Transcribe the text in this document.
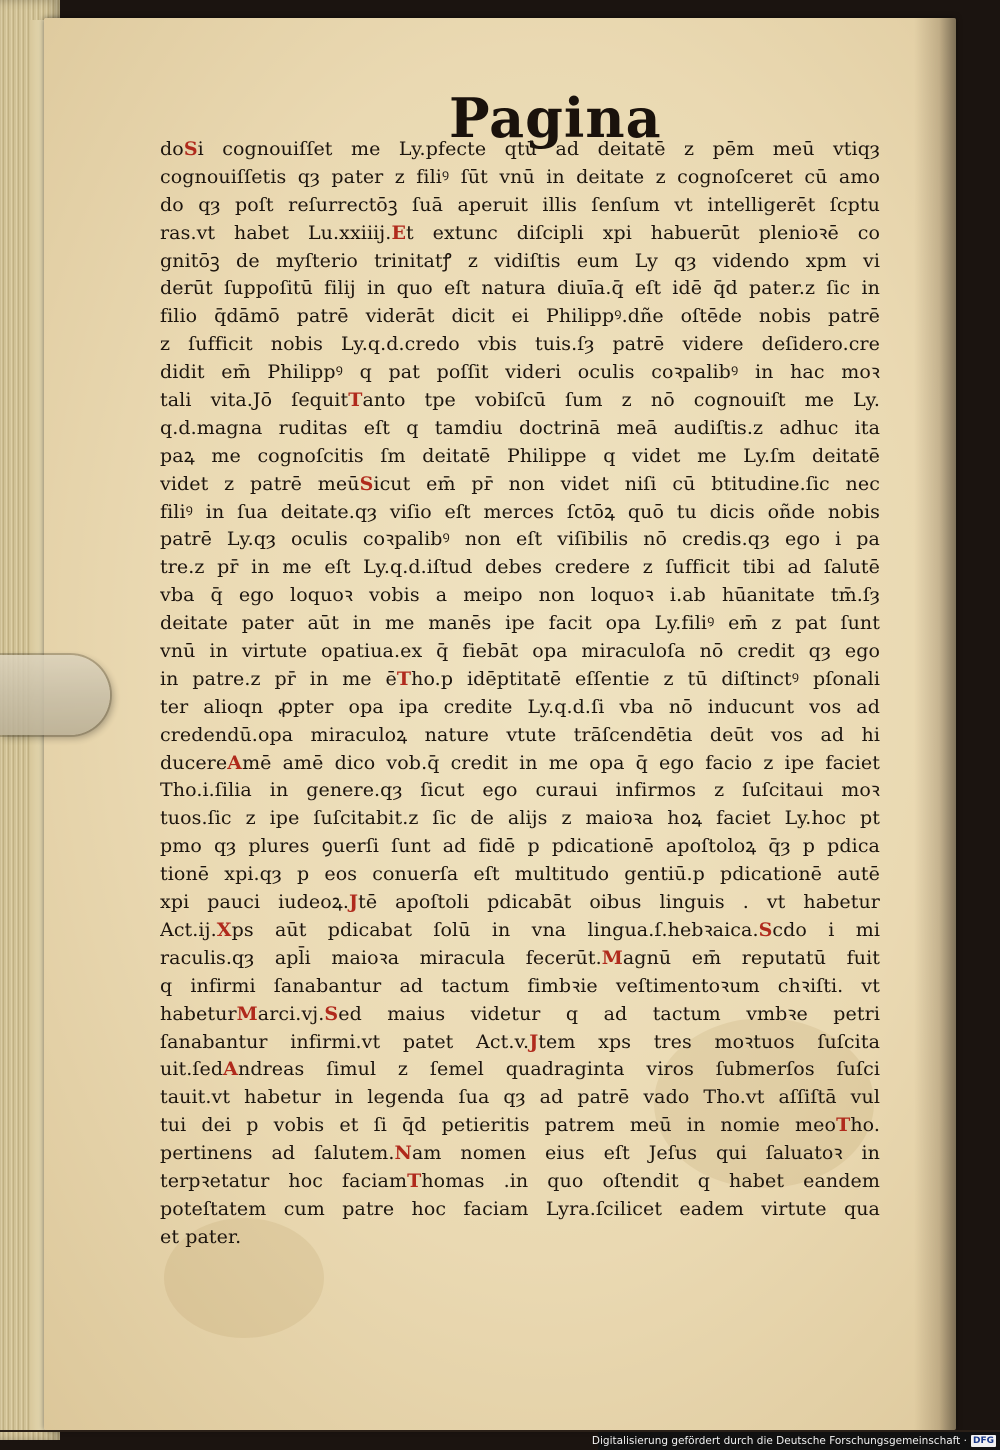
Pagina
doSi cognouiſſet me Ly.pfecte qtū ad deitatē z pēm meū vtiqȝ
cognouiſſetis qȝ pater z filiꝰ ſūt vnū in deitate z cognoſceret cū amo
do qȝ poſt reſurrectōꝫ ſuā aperuit illis ſenſum vt intelligerēt ſcptu
ras.vt habet Lu.xxiiij.Et extunc diſcipli xpi habuerūt plenioꝛē co
gnitōꝫ de myſterio trinitatꝭ z vidiſtis eum Ly qȝ videndo xpm vi
derūt ſuppoſitū filij in quo eſt natura diuīa.q̄ eſt idē q̄d pater.z ſic in
filio q̄dāmō patrē viderāt dicit ei Philippꝰ.dñe oſtēde nobis patrē
z ſufficit nobis Ly.q.d.credo vbis tuis.ſȝ patrē videre deſidero.cre
didit em̄ Philippꝰ q pat poſſit videri oculis coꝛpalibꝰ in hac moꝛ
tali vita.Jō ſequitTanto tpe vobiſcū ſum z nō cognouiſt me Ly.
q.d.magna ruditas eſt q tamdiu doctrinā meā audiſtis.z adhuc ita
paꝝ me cognoſcitis ſm deitatē Philippe q videt me Ly.ſm deitatē
videt z patrē meūSicut em̄ pr̄ non videt niſi cū btitudine.ſic nec
filiꝰ in ſua deitate.qȝ viſio eſt merces ſctōꝝ quō tu dicis oñde nobis
patrē Ly.qȝ oculis coꝛpalibꝰ non eſt viſibilis nō credis.qȝ ego i pa
tre.z pr̄ in me eſt Ly.q.d.iſtud debes credere z ſufficit tibi ad ſalutē
vba q̄ ego loquoꝛ vobis a meipo non loquoꝛ i.ab hūanitate tm̄.ſȝ
deitate pater aūt in me manēs ipe facit opa Ly.filiꝰ em̄ z pat ſunt
vnū in virtute opatiua.ex q̄ fiebāt opa miraculoſa nō credit qȝ ego
in patre.z pr̄ in me ēTho.p idēptitatē eſſentie z tū diſtinctꝰ pſonali
ter alioqn ꝓpter opa ipa credite Ly.q.d.ſi vba nō inducunt vos ad
credendū.opa miraculoꝝ nature vtute trāſcendētia deūt vos ad hi
ducereAmē amē dico vob.q̄ credit in me opa q̄ ego facio z ipe faciet
Tho.i.ſilia in genere.qȝ ſicut ego curaui infirmos z ſuſcitaui moꝛ
tuos.ſic z ipe ſuſcitabit.z ſic de alijs z maioꝛa hoꝝ faciet Ly.hoc pt
pmo qȝ plures ꝯuerſi ſunt ad fidē p pdicationē apoſtoloꝝ q̄ȝ p pdica
tionē xpi.qȝ p eos conuerſa eſt multitudo gentiū.p pdicationē autē
xpi pauci iudeoꝝ.Jtē apoſtoli pdicabāt oibus linguis . vt habetur
Act.ij.Xps aūt pdicabat ſolū in vna lingua.ſ.hebꝛaica.Scdo i mi
raculis.qȝ apl̄i maioꝛa miracula fecerūt.Magnū em̄ reputatū fuit
q infirmi ſanabantur ad tactum fimbꝛie veſtimentoꝛum chꝛiſti. vt
habeturMarci.vj.Sed maius videtur q ad tactum vmbꝛe petri
ſanabantur infirmi.vt patet Act.v.Jtem xps tres moꝛtuos ſuſcita
uit.ſedAndreas ſimul z ſemel quadraginta viros ſubmerſos ſuſci
tauit.vt habetur in legenda ſua qȝ ad patrē vado Tho.vt aſſiſtā vul
tui dei p vobis et ſi q̄d petieritis patrem meū in nomie meoTho.
pertinens ad ſalutem.Nam nomen eius eſt Jeſus qui ſaluatoꝛ in
terpꝛetatur hoc faciamThomas .in quo oſtendit q habet eandem
poteſtatem cum patre hoc faciam Lyra.ſcilicet eadem virtute qua
et pater.
Digitalisierung gefördert durch die Deutsche Forschungsgemeinschaft · DFG
